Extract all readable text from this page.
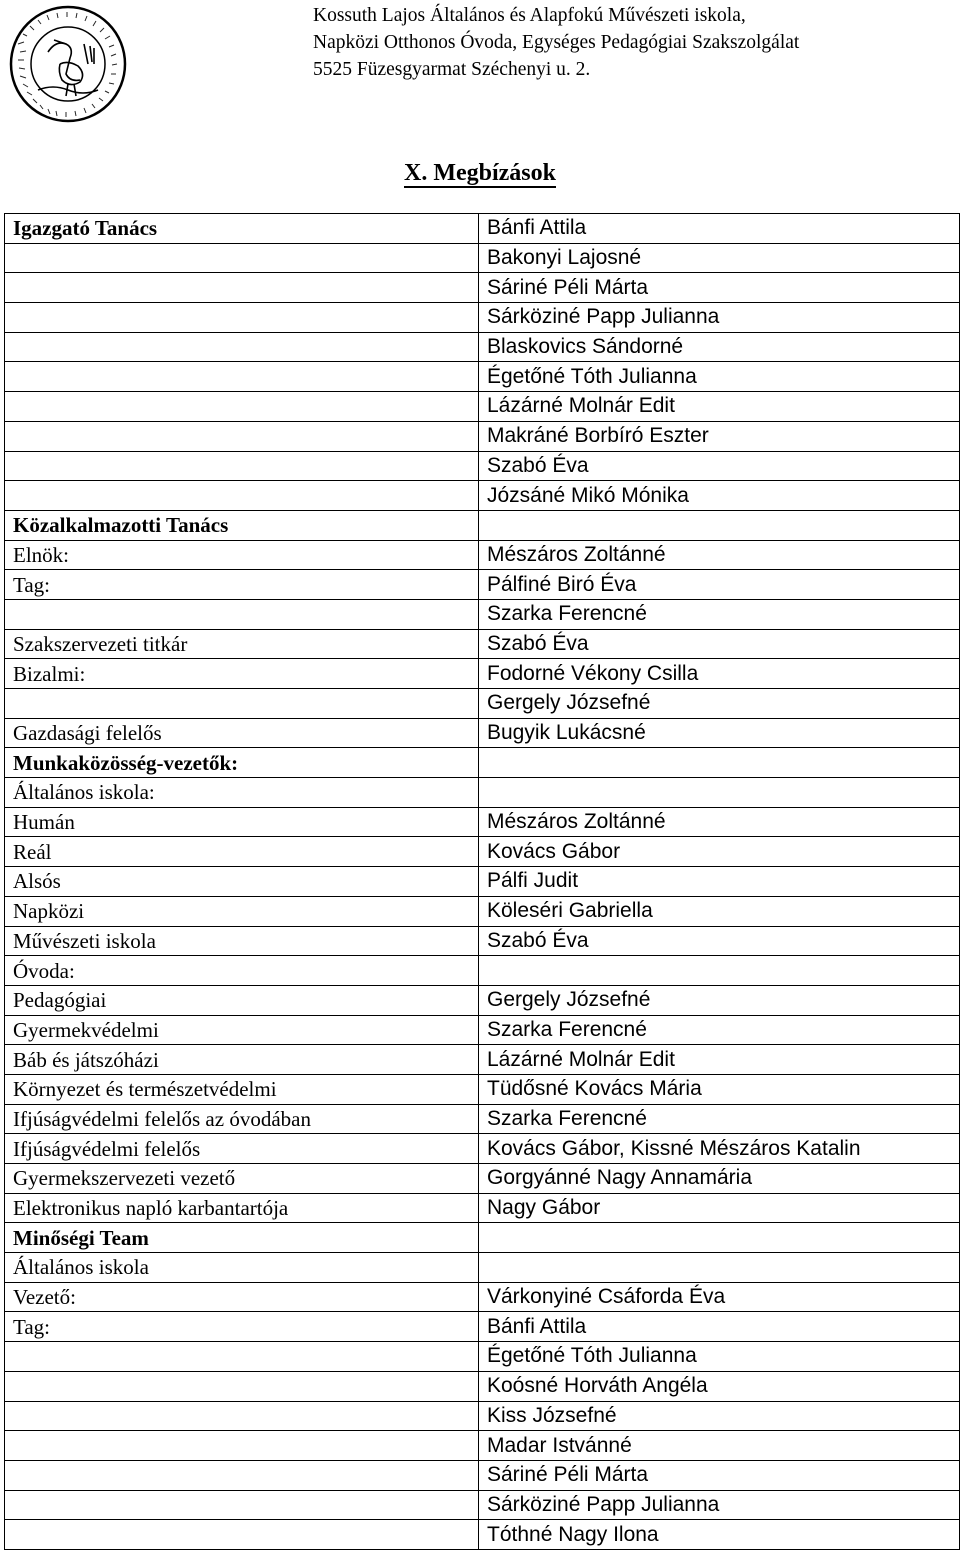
Kossuth Lajos Általános és Alapfokú Művészeti iskola,
Napközi Otthonos Óvoda, Egységes Pedagógiai Szakszolgálat
5525 Füzesgyarmat Széchenyi u. 2.
X. Megbízások
Igazgató Tanács	Bánfi Attila
	Bakonyi Lajosné
	Sáriné Péli Márta
	Sárköziné Papp Julianna
	Blaskovics Sándorné
	Égetőné Tóth Julianna
	Lázárné Molnár Edit
	Makráné Borbíró Eszter
	Szabó Éva
	Józsáné Mikó Mónika
Közalkalmazotti Tanács	
Elnök:	Mészáros Zoltánné
Tag:	Pálfiné Biró Éva
	Szarka Ferencné
Szakszervezeti titkár	Szabó Éva
Bizalmi:	Fodorné Vékony Csilla
	Gergely Józsefné
Gazdasági felelős	Bugyik Lukácsné
Munkaközösség-vezetők:	
Általános iskola:	
Humán	Mészáros Zoltánné
Reál	Kovács Gábor
Alsós	Pálfi Judit
Napközi	Köleséri Gabriella
Művészeti iskola	Szabó Éva
Óvoda:	
Pedagógiai	Gergely Józsefné
Gyermekvédelmi	Szarka Ferencné
Báb és játszóházi	Lázárné Molnár Edit
Környezet és természetvédelmi	Tüdősné Kovács Mária
Ifjúságvédelmi felelős az óvodában	Szarka Ferencné
Ifjúságvédelmi felelős	Kovács Gábor, Kissné Mészáros Katalin
Gyermekszervezeti vezető	Gorgyánné Nagy Annamária
Elektronikus napló karbantartója	Nagy Gábor
Minőségi Team	
Általános iskola	
Vezető:	Várkonyiné Csáforda Éva
Tag:	Bánfi Attila
	Égetőné Tóth Julianna
	Koósné Horváth Angéla
	Kiss Józsefné
	Madar Istvánné
	Sáriné Péli Márta
	Sárköziné Papp Julianna
	Tóthné Nagy Ilona
